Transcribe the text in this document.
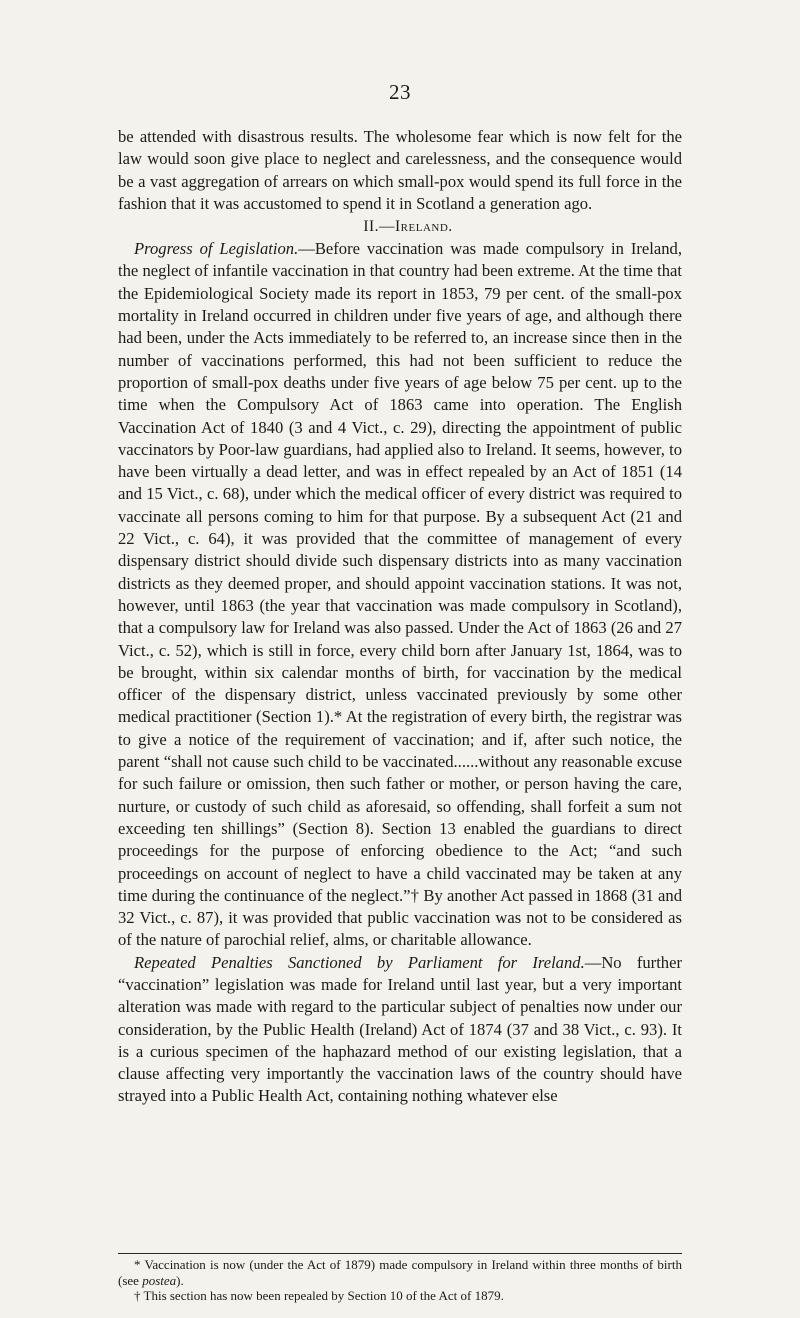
23

be attended with disastrous results. The wholesome fear which is now felt for the law would soon give place to neglect and carelessness, and the consequence would be a vast aggregation of arrears on which small-pox would spend its full force in the fashion that it was accustomed to spend it in Scotland a generation ago.

II.—Ireland.

Progress of Legislation.—Before vaccination was made compulsory in Ireland, the neglect of infantile vaccination in that country had been extreme. At the time that the Epidemiological Society made its report in 1853, 79 per cent. of the small-pox mortality in Ireland occurred in children under five years of age, and although there had been, under the Acts immediately to be referred to, an increase since then in the number of vaccinations performed, this had not been sufficient to reduce the proportion of small-pox deaths under five years of age below 75 per cent. up to the time when the Compulsory Act of 1863 came into operation. The English Vaccination Act of 1840 (3 and 4 Vict., c. 29), directing the appointment of public vaccinators by Poor-law guardians, had applied also to Ireland. It seems, however, to have been virtually a dead letter, and was in effect repealed by an Act of 1851 (14 and 15 Vict., c. 68), under which the medical officer of every district was required to vaccinate all persons coming to him for that purpose. By a subsequent Act (21 and 22 Vict., c. 64), it was provided that the committee of management of every dispensary district should divide such dispensary districts into as many vaccination districts as they deemed proper, and should appoint vaccination stations. It was not, however, until 1863 (the year that vaccination was made compulsory in Scotland), that a compulsory law for Ireland was also passed. Under the Act of 1863 (26 and 27 Vict., c. 52), which is still in force, every child born after January 1st, 1864, was to be brought, within six calendar months of birth, for vaccination by the medical officer of the dispensary district, unless vaccinated previously by some other medical practitioner (Section 1).* At the registration of every birth, the registrar was to give a notice of the requirement of vaccination; and if, after such notice, the parent “shall not cause such child to be vaccinated......without any reasonable excuse for such failure or omission, then such father or mother, or person having the care, nurture, or custody of such child as aforesaid, so offending, shall forfeit a sum not exceeding ten shillings” (Section 8). Section 13 enabled the guardians to direct proceedings for the purpose of enforcing obedience to the Act; “and such proceedings on account of neglect to have a child vaccinated may be taken at any time during the continuance of the neglect.”† By another Act passed in 1868 (31 and 32 Vict., c. 87), it was provided that public vaccination was not to be considered as of the nature of parochial relief, alms, or charitable allowance.

Repeated Penalties Sanctioned by Parliament for Ireland.—No further “vaccination” legislation was made for Ireland until last year, but a very important alteration was made with regard to the particular subject of penalties now under our consideration, by the Public Health (Ireland) Act of 1874 (37 and 38 Vict., c. 93). It is a curious specimen of the haphazard method of our existing legislation, that a clause affecting very importantly the vaccination laws of the country should have strayed into a Public Health Act, containing nothing whatever else

* Vaccination is now (under the Act of 1879) made compulsory in Ireland within three months of birth (see postea).

† This section has now been repealed by Section 10 of the Act of 1879.
